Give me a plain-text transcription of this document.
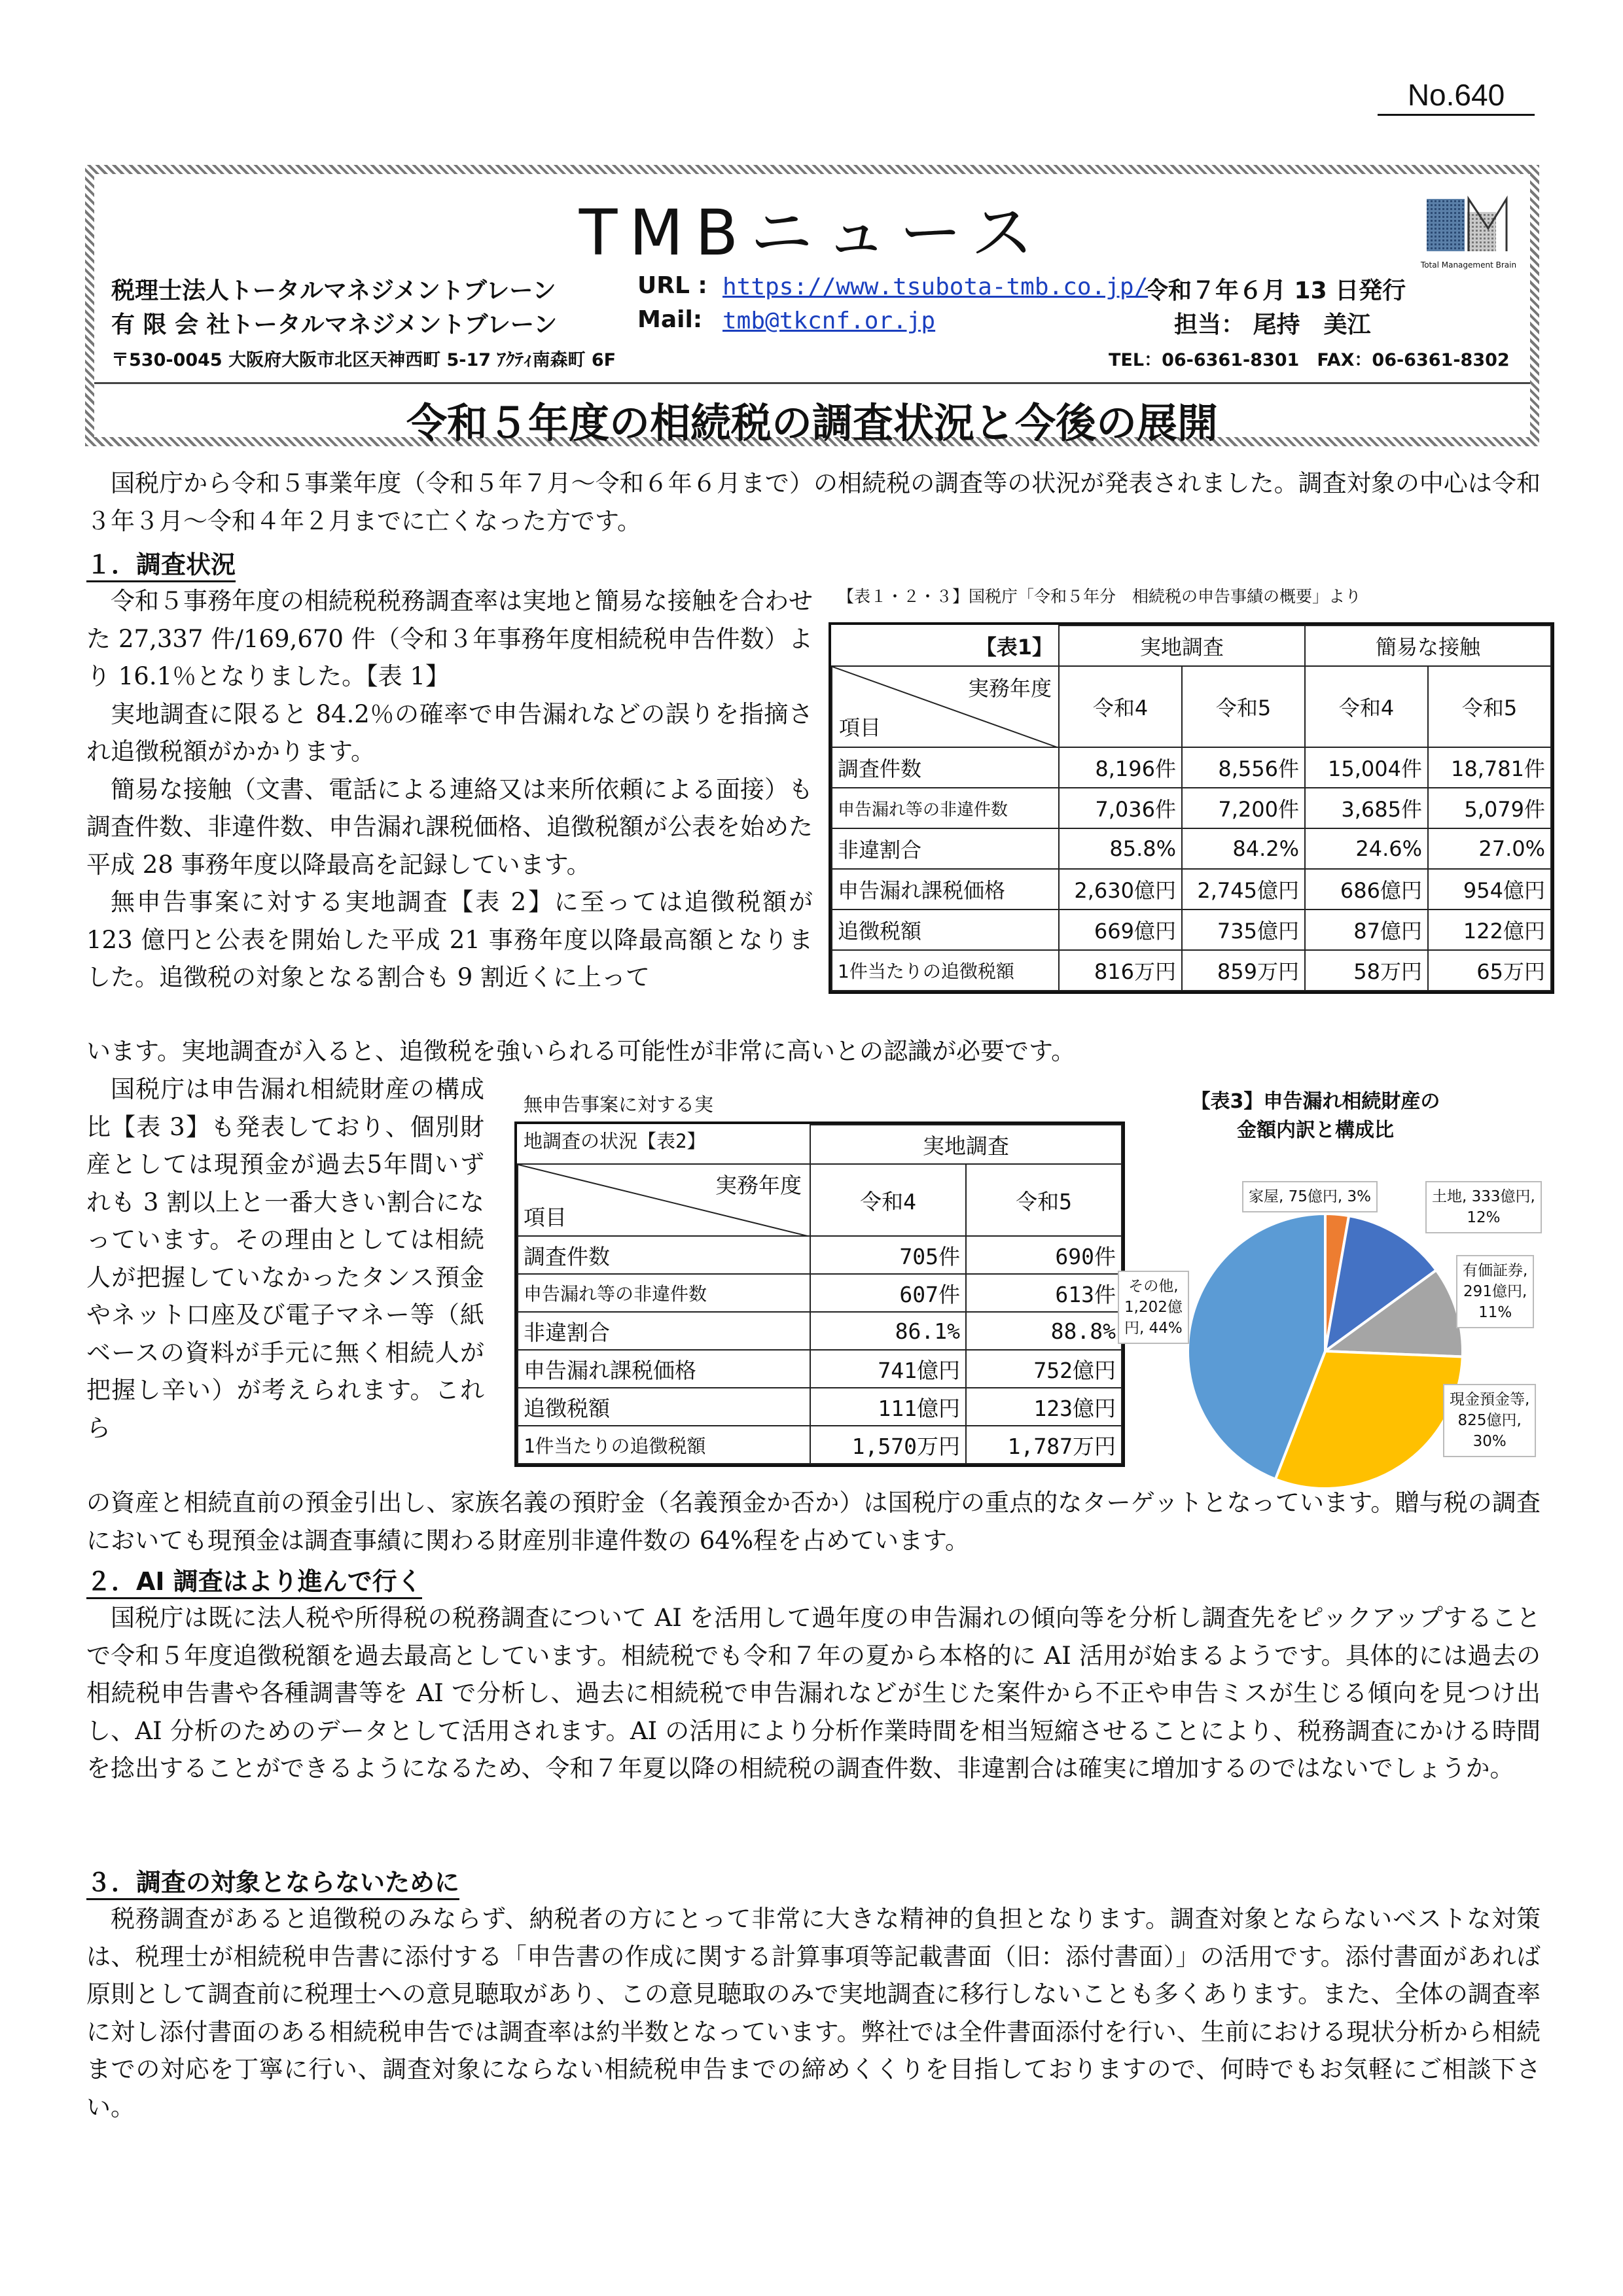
No.640
TMBニュース	Total Management Brain
税理士法人トータルマネジメントブレーン	URL : https://www.tsubota-tmb.co.jp/
令和７年６月 13 日発行
有 限 会 社トータルマネジメントブレーン	Mail: tmb@tkcnf.or.jp	担当： 尾持　美江
〒530-0045 大阪府大阪市北区天神西町 5-17 ｱｸﾃｨ南森町 6F	TEL：06-6361-8301　FAX：06-6361-8302
令和５年度の相続税の調査状況と今後の展開
国税庁から令和５事業年度（令和５年７月～令和６年６月まで）の相続税の調査等の状況が発表されました。調査対象の中心は令和３年３月～令和４年２月までに亡くなった方です。
１．調査状況
令和５事務年度の相続税税務調査率は実地と簡易な接触を合わせた 27,337 件/169,670 件（令和３年事務年度相続税申告件数）より 16.1％となりました。【表 1】
実地調査に限ると 84.2％の確率で申告漏れなどの誤りを指摘され追徴税額がかかります。
簡易な接触（文書、電話による連絡又は来所依頼による面接）も調査件数、非違件数、申告漏れ課税価格、追徴税額が公表を始めた平成 28 事務年度以降最高を記録しています。
無申告事案に対する実地調査【表 2】に至っては追徴税額が 123 億円と公表を開始した平成 21 事務年度以降最高額となりました。追徴税の対象となる割合も 9 割近くに上って
います。実地調査が入ると、追徴税を強いられる可能性が非常に高いとの認識が必要です。
【表１・２・３】国税庁「令和５年分　相続税の申告事績の概要」より
【表1】	実地調査		簡易な接触	

実務年度
項目	令和4	令和5	令和4	令和5
調査件数	8,196件	8,556件	15,004件	18,781件
申告漏れ等の非違件数	7,036件	7,200件	3,685件	5,079件
非違割合	85.8%	84.2%	24.6%	27.0%
申告漏れ課税価格	2,630億円	2,745億円	686億円	954億円
追徴税額	669億円	735億円	87億円	122億円
1件当たりの追徴税額	816万円	859万円	58万円	65万円
国税庁は申告漏れ相続財産の構成比【表 3】も発表しており、個別財産としては現預金が過去5年間いずれも 3 割以上と一番大きい割合になっています。その理由としては相続人が把握していなかったタンス預金やネット口座及び電子マネー等（紙ベースの資料が手元に無く相続人が把握し辛い）が考えられます。これら
無申告事案に対する実
地調査の状況【表2】
		実地調査	

実務年度
項目	令和4	令和5
調査件数	705件	690件
申告漏れ等の非違件数	607件	613件
非違割合	86.1%	88.8%
申告漏れ課税価格	741億円	752億円
追徴税額	111億円	123億円
1件当たりの追徴税額	1,570万円	1,787万円
【表3】申告漏れ相続財産の
金額内訳と構成比
家屋, 75億円, 3%	土地, 333億円,
12%
有価証券,
291億円,
11%
現金預金等,
825億円,
30%
その他,
1,202億
円, 44%
の資産と相続直前の預金引出し、家族名義の預貯金（名義預金か否か）は国税庁の重点的なターゲットとなっています。贈与税の調査においても現預金は調査事績に関わる財産別非違件数の 64%程を占めています。
２．AI 調査はより進んで行く
国税庁は既に法人税や所得税の税務調査について AI を活用して過年度の申告漏れの傾向等を分析し調査先をピックアップすることで令和５年度追徴税額を過去最高としています。相続税でも令和７年の夏から本格的に AI 活用が始まるようです。具体的には過去の相続税申告書や各種調書等を AI で分析し、過去に相続税で申告漏れなどが生じた案件から不正や申告ミスが生じる傾向を見つけ出し、AI 分析のためのデータとして活用されます。AI の活用により分析作業時間を相当短縮させることにより、税務調査にかける時間を捻出することができるようになるため、令和７年夏以降の相続税の調査件数、非違割合は確実に増加するのではないでしょうか。
３．調査の対象とならないために
税務調査があると追徴税のみならず、納税者の方にとって非常に大きな精神的負担となります。調査対象とならないベストな対策は、税理士が相続税申告書に添付する「申告書の作成に関する計算事項等記載書面（旧：添付書面）」の活用です。添付書面があれば原則として調査前に税理士への意見聴取があり、この意見聴取のみで実地調査に移行しないことも多くあります。また、全体の調査率に対し添付書面のある相続税申告では調査率は約半数となっています。弊社では全件書面添付を行い、生前における現状分析から相続までの対応を丁寧に行い、調査対象にならない相続税申告までの締めくくりを目指しておりますので、何時でもお気軽にご相談下さい。
